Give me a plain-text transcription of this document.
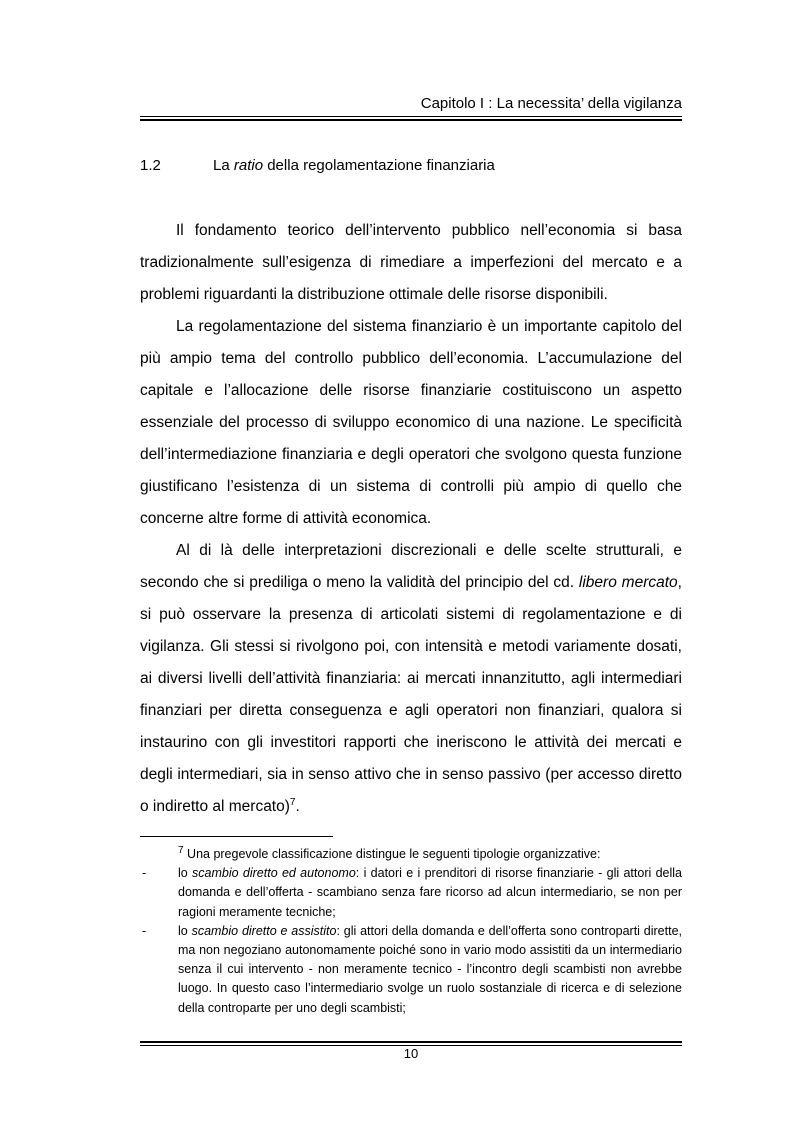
Capitolo I : La necessita’ della vigilanza
1.2	La ratio della regolamentazione finanziaria

Il fondamento teorico dell’intervento pubblico nell’economia si basa tradizionalmente sull’esigenza di rimediare a imperfezioni del mercato e a problemi riguardanti la distribuzione ottimale delle risorse disponibili.

La regolamentazione del sistema finanziario è un importante capitolo del più ampio tema del controllo pubblico dell’economia. L’accumulazione del capitale e l’allocazione delle risorse finanziarie costituiscono un aspetto essenziale del processo di sviluppo economico di una nazione. Le specificità dell’intermediazione finanziaria e degli operatori che svolgono questa funzione giustificano l’esistenza di un sistema di controlli più ampio di quello che concerne altre forme di attività economica.

Al di là delle interpretazioni discrezionali e delle scelte strutturali, e secondo che si prediliga o meno la validità del principio del cd. libero mercato, si può osservare la presenza di articolati sistemi di regolamentazione e di vigilanza. Gli stessi si rivolgono poi, con intensità e metodi variamente dosati, ai diversi livelli dell’attività finanziaria: ai mercati innanzitutto, agli intermediari finanziari per diretta conseguenza e agli operatori non finanziari, qualora si instaurino con gli investitori rapporti che ineriscono le attività dei mercati e degli intermediari, sia in senso attivo che in senso passivo (per accesso diretto o indiretto al mercato)$^7$.

$^7$ Una pregevole classificazione distingue le seguenti tipologie organizzative:

-	lo scambio diretto ed autonomo: i datori e i prenditori di risorse finanziarie - gli attori della domanda e dell’offerta - scambiano senza fare ricorso ad alcun intermediario, se non per ragioni meramente tecniche;
-	lo scambio diretto e assistito: gli attori della domanda e dell’offerta sono controparti dirette, ma non negoziano autonomamente poiché sono in vario modo assistiti da un intermediario senza il cui intervento - non meramente tecnico - l’incontro degli scambisti non avrebbe luogo. In questo caso l’intermediario svolge un ruolo sostanziale di ricerca e di selezione della controparte per uno degli scambisti;
10
